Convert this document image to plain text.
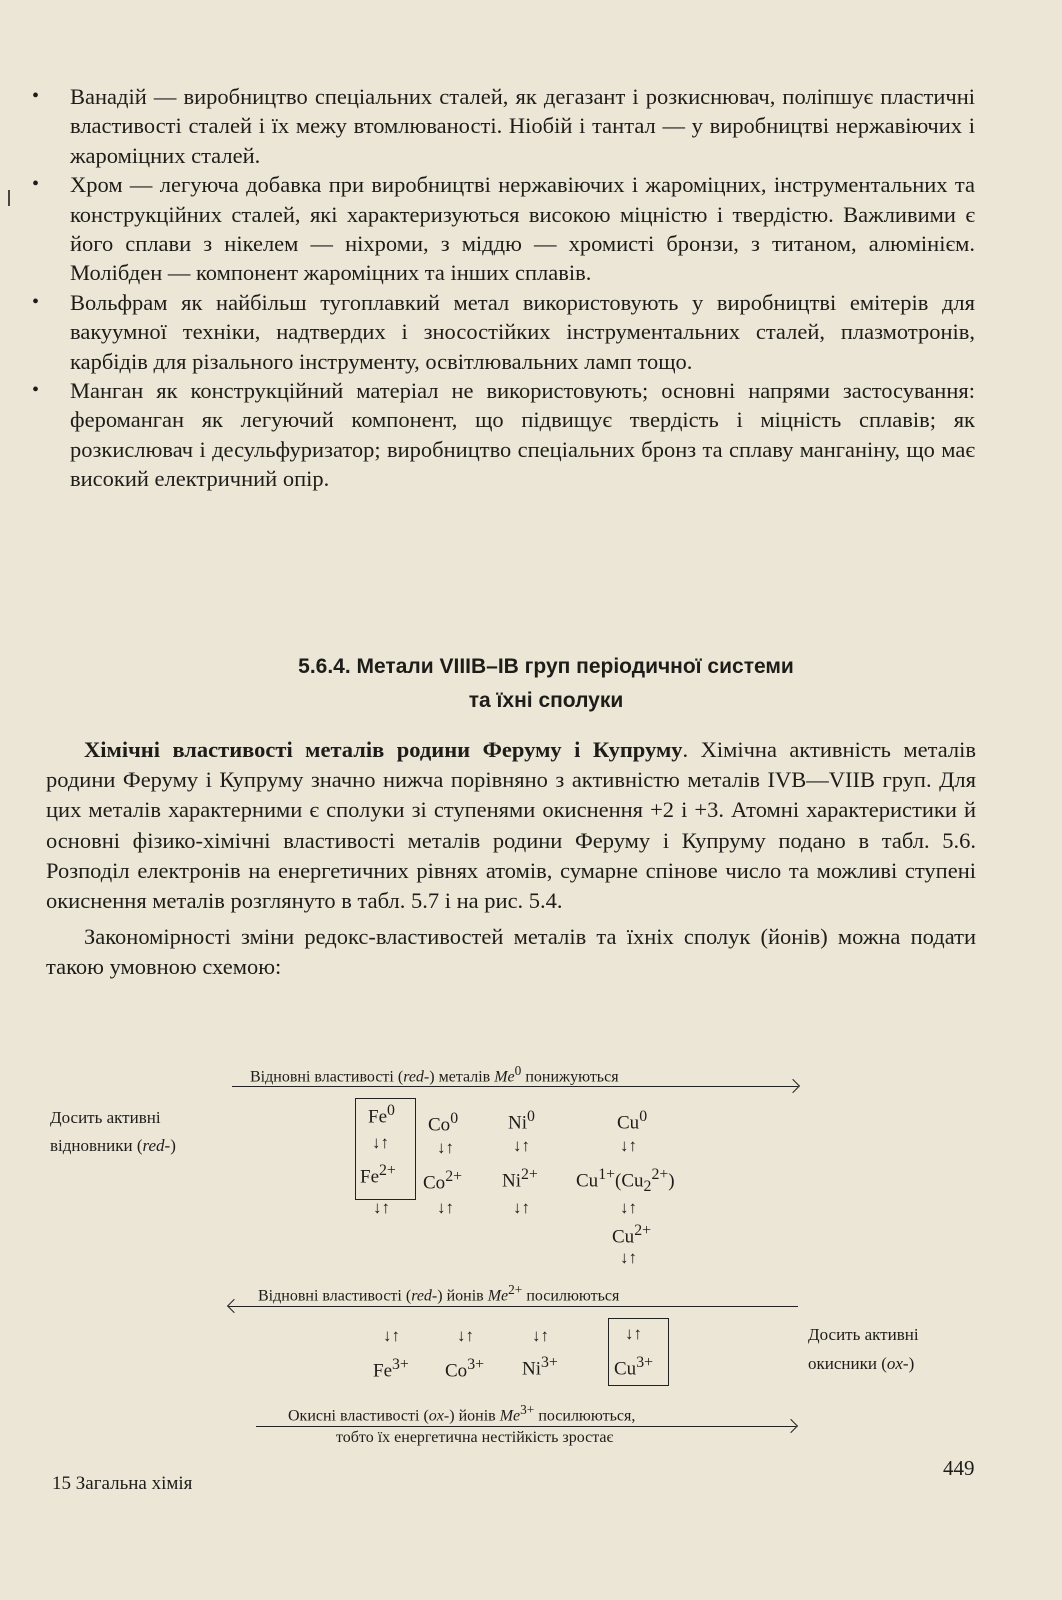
• Ванадій — виробництво спеціальних сталей, як дегазант і розкиснювач, поліпшує пластичні властивості сталей і їх межу втомлюваності. Ніобій і тантал — у виробництві нержавіючих і жароміцних сталей.
• Хром — легуюча добавка при виробництві нержавіючих і жароміцних, інструментальних та конструкційних сталей, які характеризуються високою міцністю і твердістю. Важливими є його сплави з нікелем — ніхроми, з міддю — хромисті бронзи, з титаном, алюмінієм. Молібден — компонент жароміцних та інших сплавів.
• Вольфрам як найбільш тугоплавкий метал використовують у виробництві емітерів для вакуумної техніки, надтвердих і зносостійких інструментальних сталей, плазмотронів, карбідів для різального інструменту, освітлювальних ламп тощо.
• Манган як конструкційний матеріал не використовують; основні напрями застосування: фероманган як легуючий компонент, що підвищує твердість і міцність сплавів; як розкислювач і десульфуризатор; виробництво спеціальних бронз та сплаву манганіну, що має високий електричний опір.
5.6.4. Метали VIIIB–IB груп періодичної системи
та їхні сполуки

Хімічні властивості металів родини Феруму і Купруму. Хімічна активність металів родини Феруму і Купруму значно нижча порівняно з активністю металів IVB—VIIB груп. Для цих металів характерними є сполуки зі ступенями окиснення +2 і +3. Атомні характеристики й основні фізико-хімічні властивості металів родини Феруму і Купруму подано в табл. 5.6. Розподіл електронів на енергетичних рівнях атомів, сумарне спінове число та можливі ступені окиснення металів розглянуто в табл. 5.7 і на рис. 5.4.

Закономірності зміни редокс-властивостей металів та їхніх сполук (йонів) можна подати такою умовною схемою:

Відновні властивості (red-) металів Me$^0$ понижуються
Досить активні
відновники (red-)
Fe$^0$
Co$^0$	Ni$^0$	Cu$^0$
↓↑	↓↑	↓↑	↓↑
$Fe^{2+}$
$Co^{2+}$ $Ni^{2+}$ $Cu^{1+}(Cu_2^{2+})$
↓↑	↓↑	↓↑	↓↑
$Cu^{2+}$
↓↑
Відновні властивості (red-) йонів $Me^{2+}$ посилюються
Досить активні
окисники (ox-)
↓↑	↓↑	↓↑	↓↑
$Fe^{3+}$ $Co^{3+}$ $Ni^{3+}$	$Cu^{3+}$
Окисні властивості (ox-) йонів $Me^{3+}$ посилюються,
тобто їх енергетична нестійкість зростає
15 Загальна хімія
449
